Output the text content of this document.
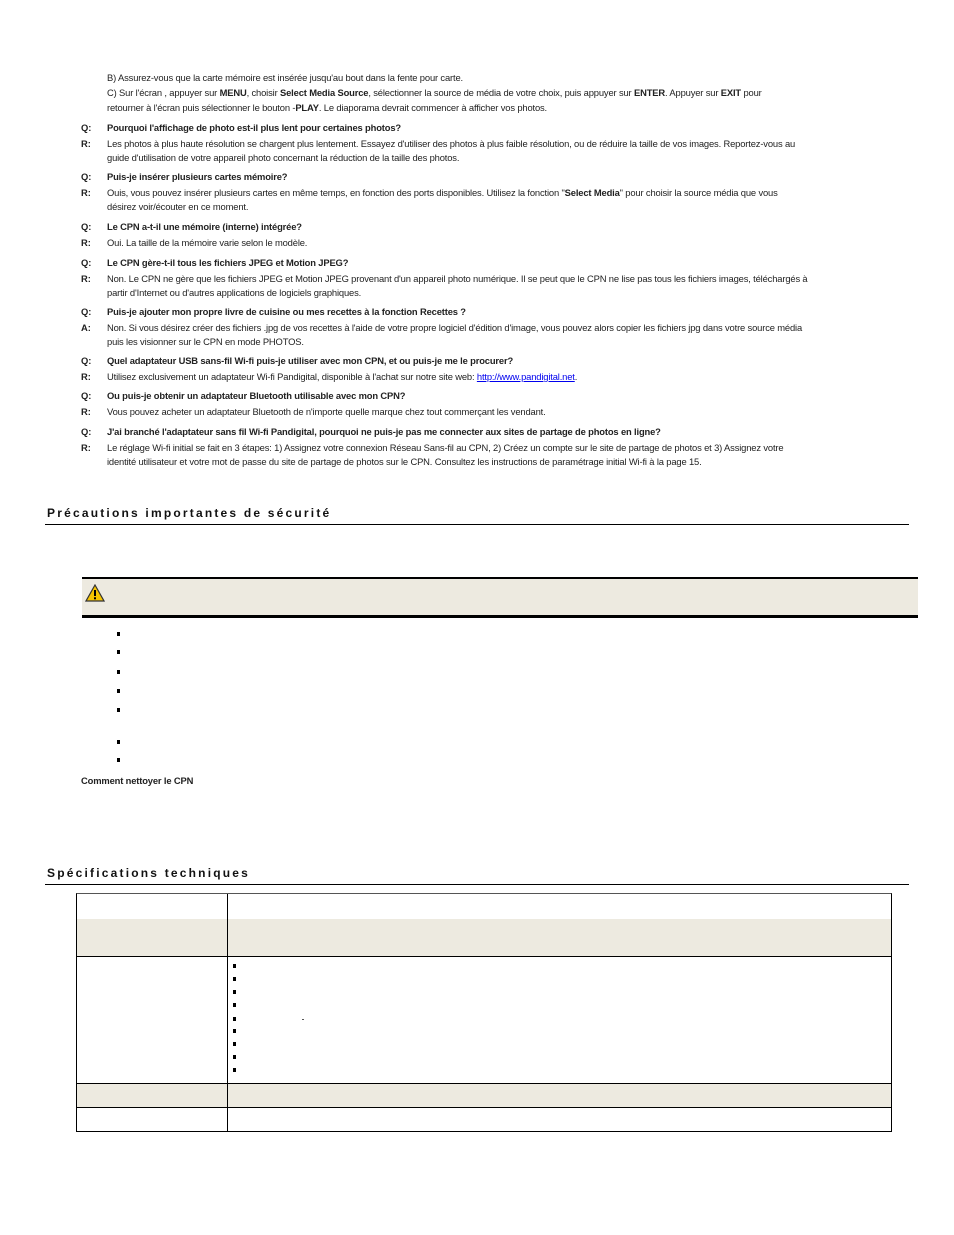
B) Assurez-vous que la carte mémoire est insérée jusqu'au bout dans la fente pour carte.
C) Sur l'écran , appuyer sur MENU, choisir Select Media Source, sélectionner la source de média de votre choix, puis appuyer sur ENTER. Appuyer sur EXIT pour
retourner à l'écran puis sélectionner le bouton -PLAY. Le diaporama devrait commencer à afficher vos photos.
Q: Pourquoi l'affichage de photo est-il plus lent pour certaines photos?
R: Les photos à plus haute résolution se chargent plus lentement. Essayez d'utiliser des photos à plus faible résolution, ou de réduire la taille de vos images. Reportez-vous au
guide d'utilisation de votre appareil photo concernant la réduction de la taille des photos.
Q: Puis-je insérer plusieurs cartes mémoire?
R: Ouis, vous pouvez insérer plusieurs cartes en même temps, en fonction des ports disponibles. Utilisez la fonction "Select Media" pour choisir la source média que vous
désirez voir/écouter en ce moment.
Q: Le CPN a-t-il une mémoire (interne) intégrée?
R: Oui. La taille de la mémoire varie selon le modèle.
Q: Le CPN gère-t-il tous les fichiers JPEG et Motion JPEG?
R: Non. Le CPN ne gère que les fichiers JPEG et Motion JPEG provenant d'un appareil photo numérique. Il se peut que le CPN ne lise pas tous les fichiers images, téléchargés à
partir d'Internet ou d'autres applications de logiciels graphiques.
Q: Puis-je ajouter mon propre livre de cuisine ou mes recettes à la fonction Recettes ?
A: Non. Si vous désirez créer des fichiers .jpg de vos recettes à l'aide de votre propre logiciel d'édition d'image, vous pouvez alors copier les fichiers jpg dans votre source média
puis les visionner sur le CPN en mode PHOTOS.
Q: Quel adaptateur USB sans-fil Wi-fi puis-je utiliser avec mon CPN, et ou puis-je me le procurer?
R: Utilisez exclusivement un adaptateur Wi-fi Pandigital, disponible à l'achat sur notre site web: http://www.pandigital.net.
Q: Ou puis-je obtenir un adaptateur Bluetooth utilisable avec mon CPN?
R: Vous pouvez acheter un adaptateur Bluetooth de n'importe quelle marque chez tout commerçant les vendant.
Q: J'ai branché l'adaptateur sans fil Wi-fi Pandigital, pourquoi ne puis-je pas me connecter aux sites de partage de photos en ligne?
R: Le réglage Wi-fi initial se fait en 3 étapes: 1) Assignez votre connexion Réseau Sans-fil au CPN, 2) Créez un compte sur le site de partage de photos et 3) Assignez votre
identité utilisateur et votre mot de passe du site de partage de photos sur le CPN. Consultez les instructions de paramétrage initial Wi-fi à la page 15.
Précautions importantes de sécurité
Comment nettoyer le CPN
Spécifications techniques
